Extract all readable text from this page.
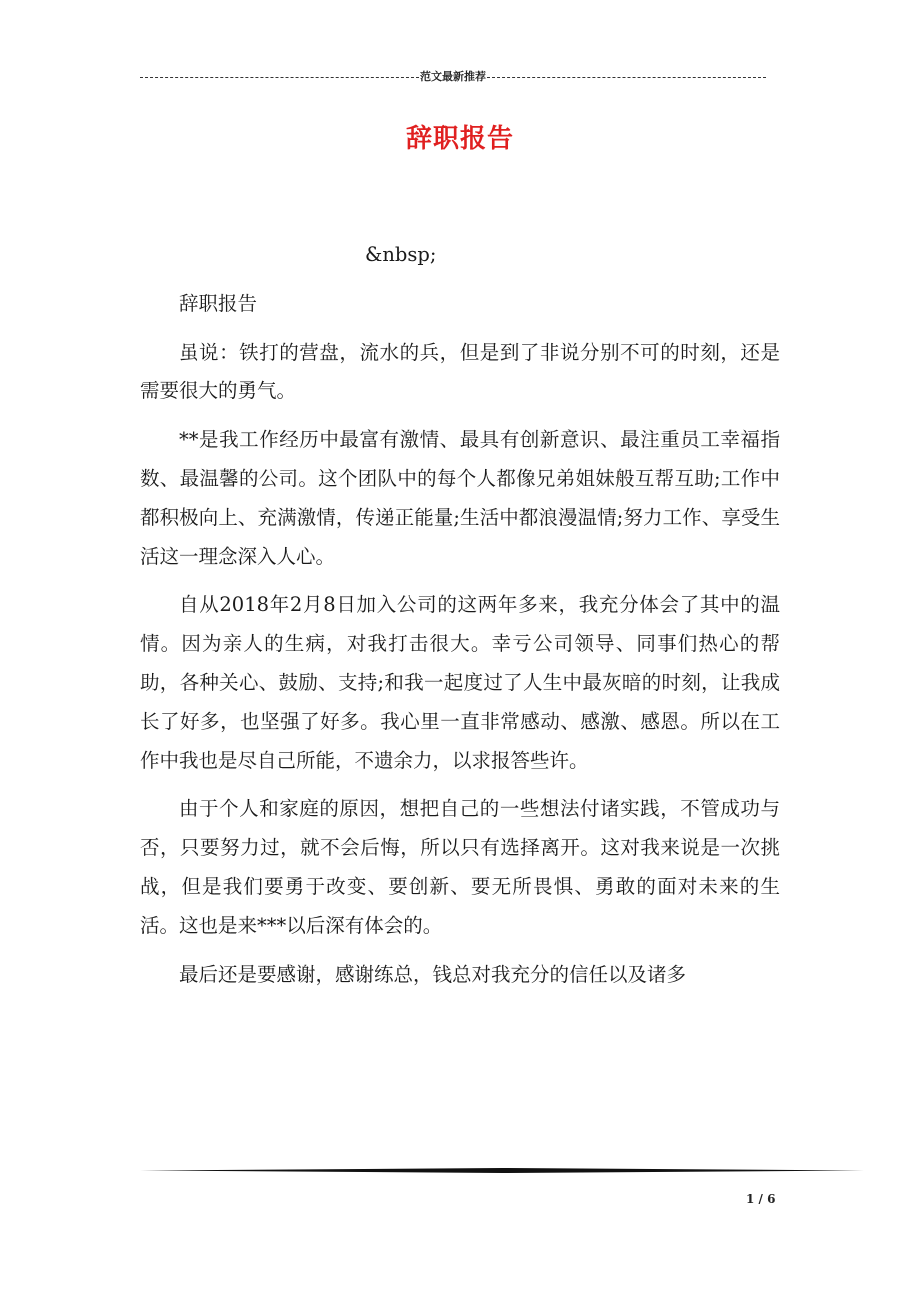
范文最新推荐
辞职报告

&nbsp;

辞职报告

虽说：铁打的营盘，流水的兵，但是到了非说分别不可的时刻，还是需要很大的勇气。

**是我工作经历中最富有激情、最具有创新意识、最注重员工幸福指数、最温馨的公司。这个团队中的每个人都像兄弟姐妹般互帮互助;工作中都积极向上、充满激情，传递正能量;生活中都浪漫温情;努力工作、享受生活这一理念深入人心。

自从2018年2月8日加入公司的这两年多来，我充分体会了其中的温情。因为亲人的生病，对我打击很大。幸亏公司领导、同事们热心的帮助，各种关心、鼓励、支持;和我一起度过了人生中最灰暗的时刻，让我成长了好多，也坚强了好多。我心里一直非常感动、感激、感恩。所以在工作中我也是尽自己所能，不遗余力，以求报答些许。

由于个人和家庭的原因，想把自己的一些想法付诸实践，不管成功与否，只要努力过，就不会后悔，所以只有选择离开。这对我来说是一次挑战，但是我们要勇于改变、要创新、要无所畏惧、勇敢的面对未来的生活。这也是来***以后深有体会的。

最后还是要感谢，感谢练总，钱总对我充分的信任以及诸多

1 / 6
